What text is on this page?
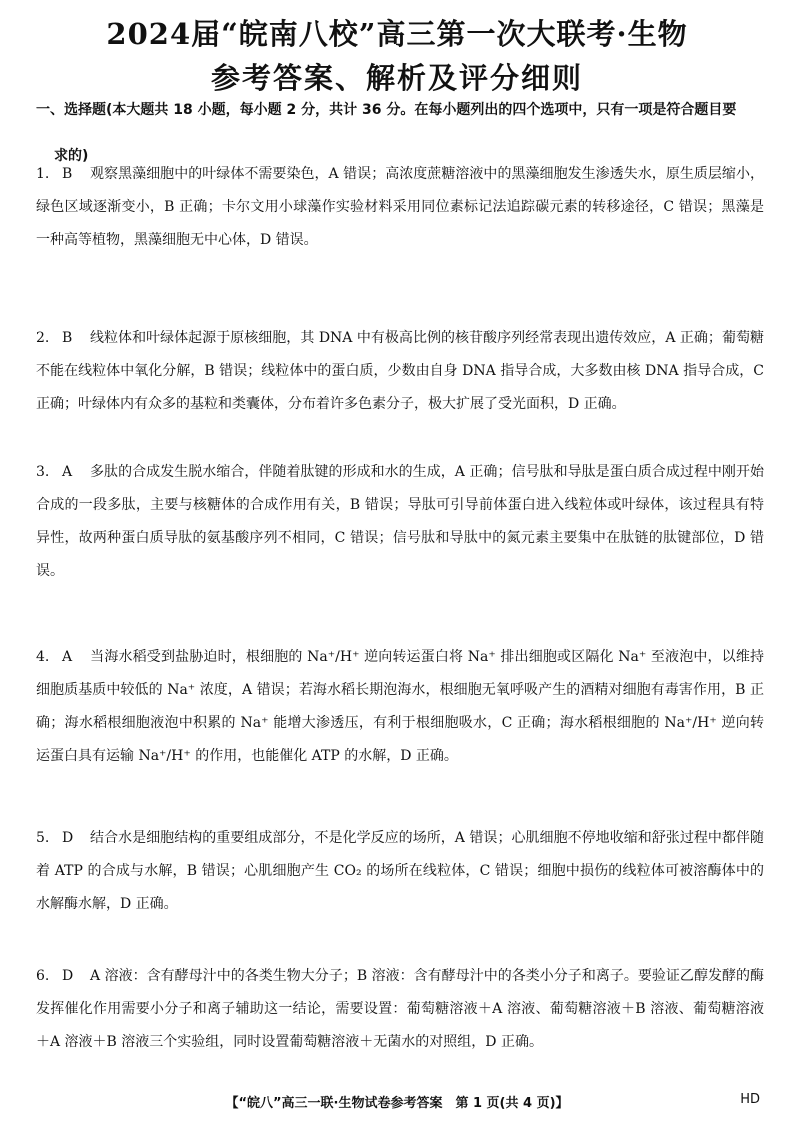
2024届“皖南八校”高三第一次大联考·生物
参考答案、解析及评分细则
一、选择题(本大题共 18 小题，每小题 2 分，共计 36 分。在每小题列出的四个选项中，只有一项是符合题目要
求的)
1. B 观察黑藻细胞中的叶绿体不需要染色，A 错误；高浓度蔗糖溶液中的黑藻细胞发生渗透失水，原生质层缩小，绿色区域逐渐变小，B 正确；卡尔文用小球藻作实验材料采用同位素标记法追踪碳元素的转移途径，C 错误；黑藻是一种高等植物，黑藻细胞无中心体，D 错误。
2. B 线粒体和叶绿体起源于原核细胞，其 DNA 中有极高比例的核苷酸序列经常表现出遗传效应，A 正确；葡萄糖不能在线粒体中氧化分解，B 错误；线粒体中的蛋白质，少数由自身 DNA 指导合成，大多数由核 DNA 指导合成，C 正确；叶绿体内有众多的基粒和类囊体，分布着许多色素分子，极大扩展了受光面积，D 正确。
3. A 多肽的合成发生脱水缩合，伴随着肽键的形成和水的生成，A 正确；信号肽和导肽是蛋白质合成过程中刚开始合成的一段多肽，主要与核糖体的合成作用有关，B 错误；导肽可引导前体蛋白进入线粒体或叶绿体，该过程具有特异性，故两种蛋白质导肽的氨基酸序列不相同，C 错误；信号肽和导肽中的氮元素主要集中在肽链的肽键部位，D 错误。
4. A 当海水稻受到盐胁迫时，根细胞的 Na⁺/H⁺ 逆向转运蛋白将 Na⁺ 排出细胞或区隔化 Na⁺ 至液泡中，以维持细胞质基质中较低的 Na⁺ 浓度，A 错误；若海水稻长期泡海水，根细胞无氧呼吸产生的酒精对细胞有毒害作用，B 正确；海水稻根细胞液泡中积累的 Na⁺ 能增大渗透压，有利于根细胞吸水，C 正确；海水稻根细胞的 Na⁺/H⁺ 逆向转运蛋白具有运输 Na⁺/H⁺ 的作用，也能催化 ATP 的水解，D 正确。
5. D 结合水是细胞结构的重要组成部分，不是化学反应的场所，A 错误；心肌细胞不停地收缩和舒张过程中都伴随着 ATP 的合成与水解，B 错误；心肌细胞产生 CO₂ 的场所在线粒体，C 错误；细胞中损伤的线粒体可被溶酶体中的水解酶水解，D 正确。
6. D A 溶液：含有酵母汁中的各类生物大分子；B 溶液：含有酵母汁中的各类小分子和离子。要验证乙醇发酵的酶发挥催化作用需要小分子和离子辅助这一结论，需要设置：葡萄糖溶液＋A 溶液、葡萄糖溶液＋B 溶液、葡萄糖溶液＋A 溶液＋B 溶液三个实验组，同时设置葡萄糖溶液＋无菌水的对照组，D 正确。
【“皖八”高三一联·生物试卷参考答案　第 1 页(共 4 页)】	HD
